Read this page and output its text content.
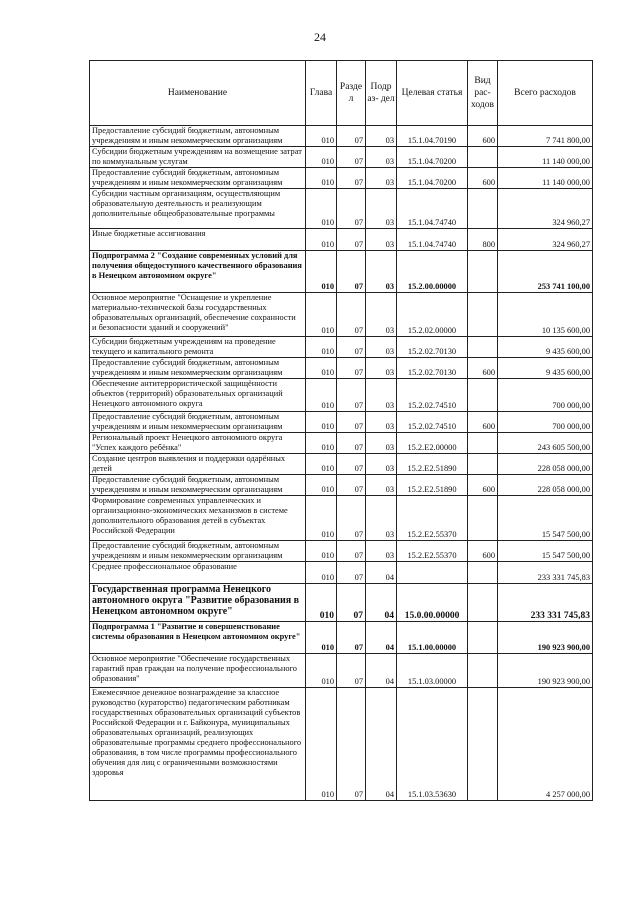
24
Наименование	Глава	Разде л	Подр аз- дел	Целевая статья	Вид рас- ходов	Всего расходов
Предоставление субсидий бюджетным, автономным учреждениям и иным некоммерческим организациям	010	07	03	15.1.04.70190	600	7 741 800,00
Субсидии бюджетным учреждениям на возмещение затрат по коммунальным услугам	010	07	03	15.1.04.70200		11 140 000,00
Предоставление субсидий бюджетным, автономным учреждениям и иным некоммерческим организациям	010	07	03	15.1.04.70200	600	11 140 000,00
Субсидии частным организациям, осуществляющим образовательную деятельность и реализующим дополнительные общеобразовательные программы	010	07	03	15.1.04.74740		324 960,27
Иные бюджетные ассигнования	010	07	03	15.1.04.74740	800	324 960,27
Подпрограмма 2 "Создание современных условий для получения общедоступного качественного образования в Ненецком автономном округе"	010	07	03	15.2.00.00000		253 741 100,00
Основное мероприятие "Оснащение и укрепление материально-технической базы государственных образовательных организаций, обеспечение сохранности и безопасности зданий и сооружений"	010	07	03	15.2.02.00000		10 135 600,00
Субсидии бюджетным учреждениям на проведение текущего и капитального ремонта	010	07	03	15.2.02.70130		9 435 600,00
Предоставление субсидий бюджетным, автономным учреждениям и иным некоммерческим организациям	010	07	03	15.2.02.70130	600	9 435 600,00
Обеспечение антитеррористической защищённости объектов (территорий) образовательных организаций Ненецкого автономного округа	010	07	03	15.2.02.74510		700 000,00
Предоставление субсидий бюджетным, автономным учреждениям и иным некоммерческим организациям	010	07	03	15.2.02.74510	600	700 000,00
Региональный проект Ненецкого автономного округа "Успех каждого ребёнка"	010	07	03	15.2.E2.00000		243 605 500,00
Создание центров выявления и поддержки одарённых детей	010	07	03	15.2.E2.51890		228 058 000,00
Предоставление субсидий бюджетным, автономным учреждениям и иным некоммерческим организациям	010	07	03	15.2.E2.51890	600	228 058 000,00
Формирование современных управленческих и организационно-экономических механизмов в системе дополнительного образования детей в субъектах Российской Федерации	010	07	03	15.2.E2.55370		15 547 500,00
Предоставление субсидий бюджетным, автономным учреждениям и иным некоммерческим организациям	010	07	03	15.2.E2.55370	600	15 547 500,00
Среднее профессиональное образование	010	07	04			233 331 745,83
Государственная программа Ненецкого автономного округа "Развитие образования в Ненецком автономном округе"	010	07	04	15.0.00.00000		233 331 745,83
Подпрограмма 1 "Развитие и совершенствование системы образования в Ненецком автономном округе"	010	07	04	15.1.00.00000		190 923 900,00
Основное мероприятие "Обеспечение государственных гарантий прав граждан на получение профессионального образования"	010	07	04	15.1.03.00000		190 923 900,00
Ежемесячное денежное вознаграждение за классное руководство (кураторство) педагогическим работникам государственных образовательных организаций субъектов Российской Федерации и г. Байконура, муниципальных образовательных организаций, реализующих образовательные программы среднего профессионального образования, в том числе программы профессионального обучения для лиц с ограниченными возможностями здоровья	010	07	04	15.1.03.53630		4 257 000,00
